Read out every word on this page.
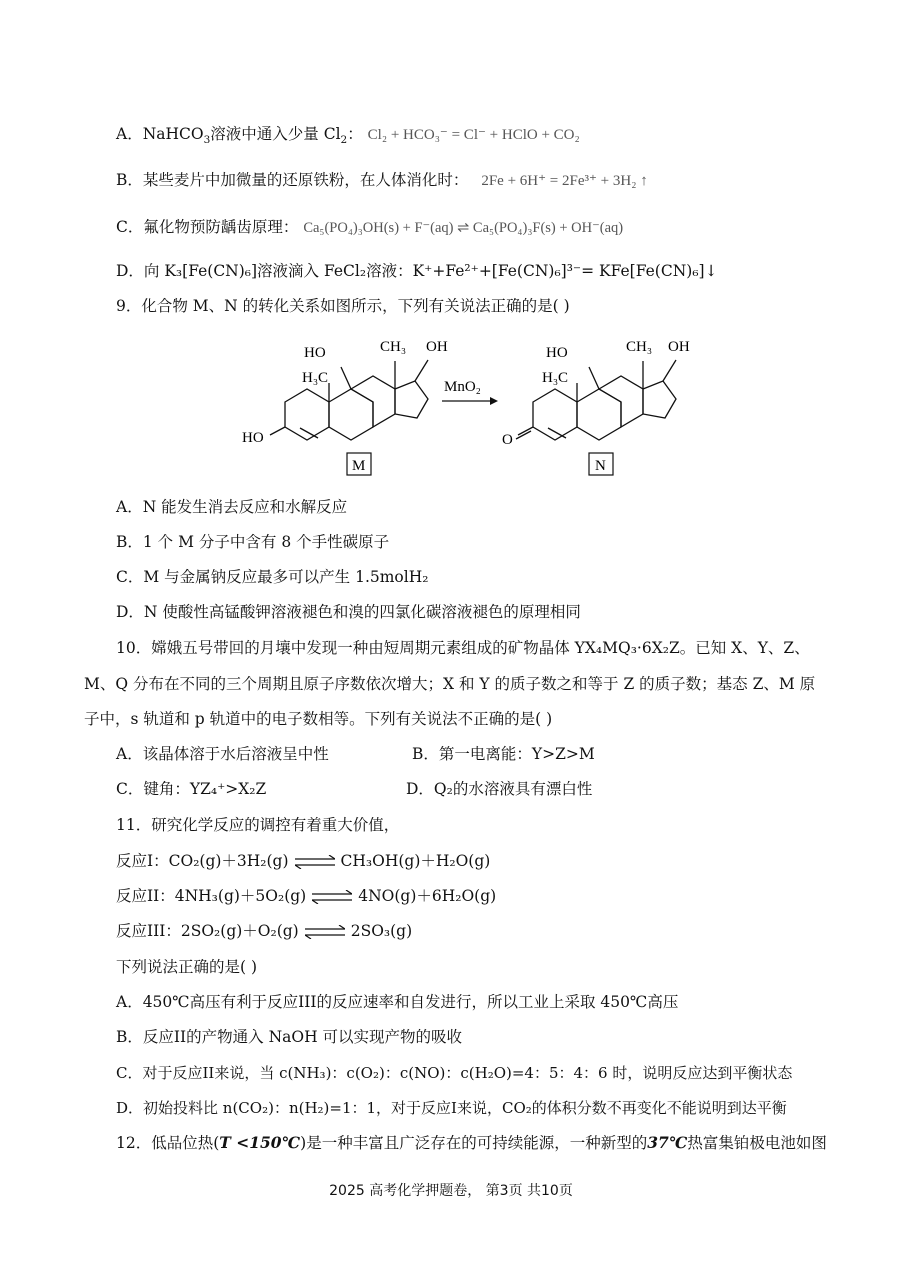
A．NaHCO$_3$溶液中通入少量 $Cl_2$： Cl₂ + HCO₃⁻ = Cl⁻ + HClO + CO₂
B．某些麦片中加微量的还原铁粉，在人体消化时： 2Fe + 6H⁺ = 2Fe³⁺ + 3H₂ ↑
C．氟化物预防龋齿原理： Ca₅(PO₄)₃OH(s) + F⁻(aq) ⇌ Ca₅(PO₄)₃F(s) + OH⁻(aq)
D．向 K₃[Fe(CN)₆]溶液滴入 FeCl₂溶液：K⁺+Fe²⁺+[Fe(CN)₆]³⁻= KFe[Fe(CN)₆]↓
9．化合物 M、N 的转化关系如图所示，下列有关说法正确的是( )
HO	CH₃ OH
H₃C
HO
MnO₂
HO	CH₃ OH
H₃C
O
M	N
A．N 能发生消去反应和水解反应
B．1 个 M 分子中含有 8 个手性碳原子
C．M 与金属钠反应最多可以产生 1.5molH₂
D．N 使酸性高锰酸钾溶液褪色和溴的四氯化碳溶液褪色的原理相同
10．嫦娥五号带回的月壤中发现一种由短周期元素组成的矿物晶体 YX₄MQ₃·6X₂Z。已知 X、Y、Z、
M、Q 分布在不同的三个周期且原子序数依次增大；X 和 Y 的质子数之和等于 Z 的质子数；基态 Z、M 原
子中，s 轨道和 p 轨道中的电子数相等。下列有关说法不正确的是( )
A．该晶体溶于水后溶液呈中性	B．第一电离能：Y>Z>M
C．键角：YZ₄⁺>X₂Z	D．Q₂的水溶液具有漂白性
11．研究化学反应的调控有着重大价值，
反应I：CO₂(g)＋3H₂(g) ⇌ CH₃OH(g)＋H₂O(g)
反应II：4NH₃(g)＋5O₂(g) ⇌ 4NO(g)＋6H₂O(g)
反应III：2SO₂(g)＋O₂(g) ⇌ 2SO₃(g)
下列说法正确的是( )
A．450℃高压有利于反应III的反应速率和自发进行，所以工业上采取 450℃高压
B．反应II的产物通入 NaOH 可以实现产物的吸收
C．对于反应II来说，当 c(NH₃)：c(O₂)：c(NO)：c(H₂O)=4：5：4：6 时，说明反应达到平衡状态
D．初始投料比 n(CO₂)：n(H₂)=1：1，对于反应I来说，CO₂的体积分数不再变化不能说明到达平衡
12．低品位热(T <150℃)是一种丰富且广泛存在的可持续能源，一种新型的37℃热富集铂极电池如图
2025 高考化学押题卷， 第3页 共10页
